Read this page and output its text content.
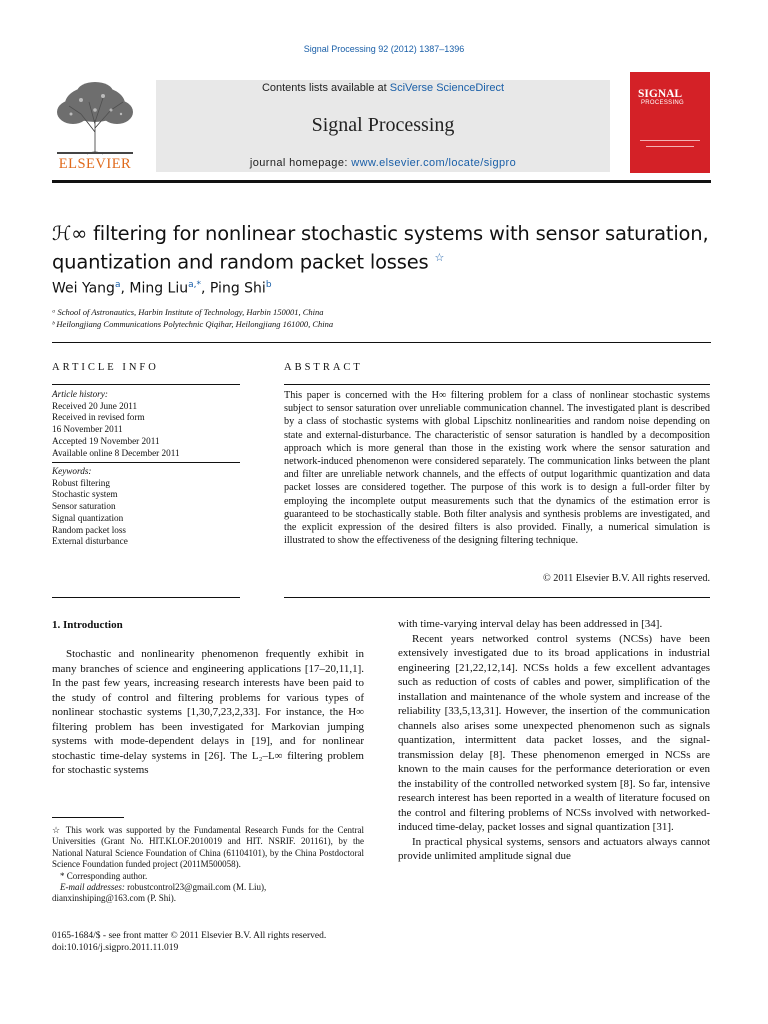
Signal Processing 92 (2012) 1387–1396
ELSEVIER
Contents lists available at SciVerse ScienceDirect
Signal Processing
journal homepage: www.elsevier.com/locate/sigpro
SIGNAL
PROCESSING
ℋ∞ filtering for nonlinear stochastic systems with sensor saturation,
quantization and random packet losses ☆
Wei Yang$^a$, Ming Liu$^{a,*}$, Ping Shi$^b$
ᵃ School of Astronautics, Harbin Institute of Technology, Harbin 150001, China
ᵇ Heilongjiang Communications Polytechnic Qiqihar, Heilongjiang 161000, China
ARTICLE INFO	ABSTRACT
Article history:
Received 20 June 2011
Received in revised form
16 November 2011
Accepted 19 November 2011
Available online 8 December 2011
Keywords:
Robust filtering
Stochastic system
Sensor saturation
Signal quantization
Random packet loss
External disturbance
This paper is concerned with the H∞ filtering problem for a class of nonlinear stochastic systems subject to sensor saturation over unreliable communication channel. The investigated plant is described by a class of stochastic systems with global Lipschitz nonlinearities and random noise depending on state and external-disturbance. The characteristic of sensor saturation is handled by a decomposition approach which is more general than those in the existing work where the sensor saturation and network-induced phenomenon were considered separately. The communication links between the plant and filter are unreliable network channels, and the effects of output logarithmic quantization and data packet losses are considered together. The purpose of this work is to design a full-order filter by employing the incomplete output measurements such that the dynamics of the estimation error is guaranteed to be stochastically stable. Both filter analysis and synthesis problems are investigated, and the explicit expression of the desired filters is also provided. Finally, a numerical simulation is illustrated to show the effectiveness of the designing filtering technique.
© 2011 Elsevier B.V. All rights reserved.
1. Introduction

Stochastic and nonlinearity phenomenon frequently exhibit in many branches of science and engineering applications [17–20,11,1]. In the past few years, increasing research interests have been paid to the study of control and filtering problems for various types of nonlinear stochastic systems [1,30,7,23,2,33]. For instance, the H∞ filtering problem has been investigated for Markovian jumping systems with mode-dependent delays in [19], and for nonlinear stochastic time-delay systems in [26]. The L₂–L∞ filtering problem for stochastic systems

with time-varying interval delay has been addressed in [34].

Recent years networked control systems (NCSs) have been extensively investigated due to its broad applications in industrial engineering [21,22,12,14]. NCSs holds a few excellent advantages such as reduction of costs of cables and power, simplification of the installation and maintenance of the whole system and increase of the reliability [33,5,13,31]. However, the insertion of the communication channels also arises some unexpected phenomenon such as signals quantization, intermittent data packet losses, and the signal-transmission delay [8]. These phenomenon emerged in NCSs are known to the main causes for the performance deterioration or even the instability of the controlled networked system [8]. So far, intensive research interest has been reported in a wealth of literature focused on the control and filtering problems of NCSs involved with networked-induced time-delay, packet losses and signal quantization [31].

In practical physical systems, sensors and actuators always cannot provide unlimited amplitude signal due

☆ This work was supported by the Fundamental Research Funds for the Central Universities (Grant No. HIT.KLOF.2010019 and HIT. NSRIF. 201161), by the National Natural Science Foundation of China (61104101), by the China Postdoctoral Science Foundation funded project (2011M500058).

* Corresponding author.

E-mail addresses: robustcontrol23@gmail.com (M. Liu),

dianxinshiping@163.com (P. Shi).

0165-1684/$ - see front matter © 2011 Elsevier B.V. All rights reserved.
doi:10.1016/j.sigpro.2011.11.019
